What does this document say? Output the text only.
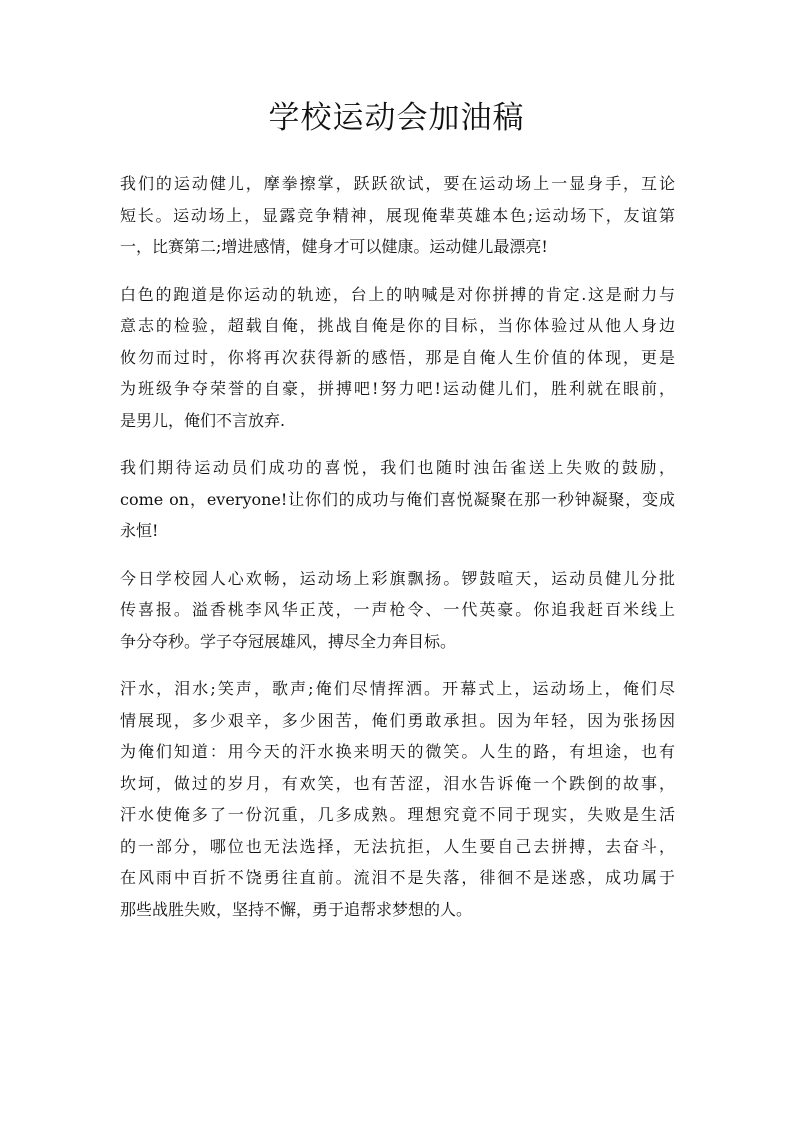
学校运动会加油稿

我们的运动健儿，摩拳擦掌，跃跃欲试，要在运动场上一显身手，互论
短长。运动场上，显露竞争精神，展现俺辈英雄本色;运动场下，友谊第
一，比赛第二;增进感情，健身才可以健康。运动健儿最漂亮!

白色的跑道是你运动的轨迹，台上的呐喊是对你拼搏的肯定.这是耐力与
意志的检验，超载自俺，挑战自俺是你的目标，当你体验过从他人身边
攸勿而过时，你将再次获得新的感悟，那是自俺人生价值的体现，更是
为班级争夺荣誉的自豪，拼搏吧!努力吧!运动健儿们，胜利就在眼前，
是男儿，俺们不言放弃.

我们期待运动员们成功的喜悦，我们也随时浊缶雀送上失败的鼓励，
come on，everyone!让你们的成功与俺们喜悦凝聚在那一秒钟凝聚，变成
永恒!

今日学校园人心欢畅，运动场上彩旗飘扬。锣鼓喧天，运动员健儿分批
传喜报。溢香桃李风华正茂，一声枪令、一代英豪。你追我赶百米线上
争分夺秒。学子夺冠展雄风，搏尽全力奔目标。

汗水，泪水;笑声，歌声;俺们尽情挥洒。开幕式上，运动场上，俺们尽
情展现，多少艰辛，多少困苦，俺们勇敢承担。因为年轻，因为张扬因
为俺们知道：用今天的汗水换来明天的微笑。人生的路，有坦途，也有
坎坷，做过的岁月，有欢笑，也有苦涩，泪水告诉俺一个跌倒的故事，
汗水使俺多了一份沉重，几多成熟。理想究竟不同于现实，失败是生活
的一部分，哪位也无法选择，无法抗拒，人生要自己去拼搏，去奋斗，
在风雨中百折不饶勇往直前。流泪不是失落，徘徊不是迷惑，成功属于
那些战胜失败，坚持不懈，勇于追帮求梦想的人。
